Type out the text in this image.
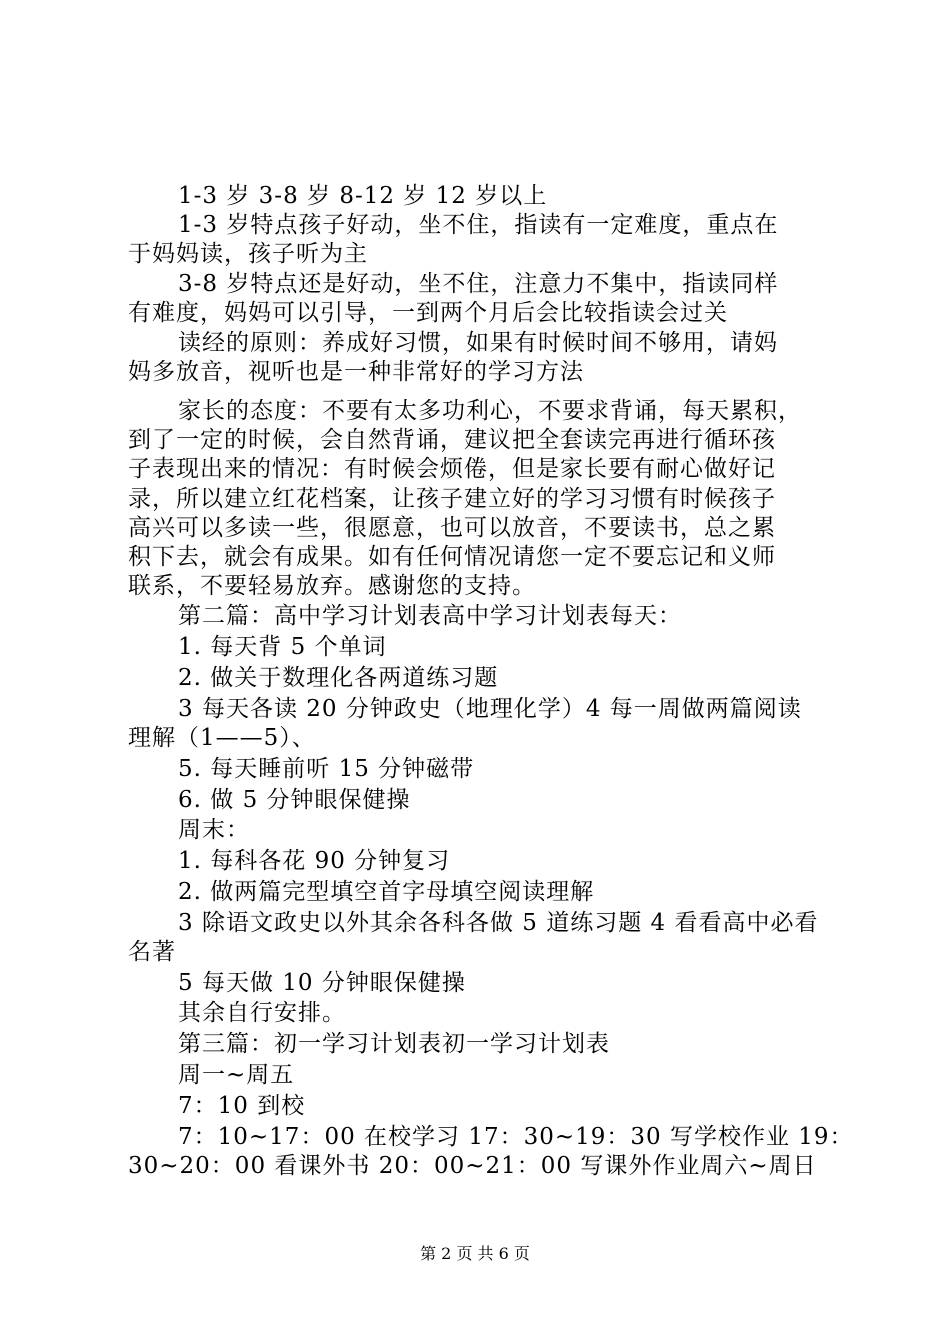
1-3 岁 3-8 岁 8-12 岁 12 岁以上
1-3 岁特点孩子好动，坐不住，指读有一定难度，重点在
于妈妈读，孩子听为主
3-8 岁特点还是好动，坐不住，注意力不集中，指读同样
有难度，妈妈可以引导，一到两个月后会比较指读会过关
读经的原则：养成好习惯，如果有时候时间不够用，请妈
妈多放音，视听也是一种非常好的学习方法
家长的态度：不要有太多功利心，不要求背诵，每天累积，
到了一定的时候，会自然背诵，建议把全套读完再进行循环孩
子表现出来的情况：有时候会烦倦，但是家长要有耐心做好记
录，所以建立红花档案，让孩子建立好的学习习惯有时候孩子
高兴可以多读一些，很愿意，也可以放音，不要读书，总之累
积下去，就会有成果。如有任何情况请您一定不要忘记和义师
联系，不要轻易放弃。感谢您的支持。
第二篇：高中学习计划表高中学习计划表每天：
1. 每天背 5 个单词
2. 做关于数理化各两道练习题
3 每天各读 20 分钟政史（地理化学）4 每一周做两篇阅读
理解（1——5）、
5. 每天睡前听 15 分钟磁带
6. 做 5 分钟眼保健操
周末：
1. 每科各花 90 分钟复习
2. 做两篇完型填空首字母填空阅读理解
3 除语文政史以外其余各科各做 5 道练习题 4 看看高中必看
名著
5 每天做 10 分钟眼保健操
其余自行安排。
第三篇：初一学习计划表初一学习计划表
周一~周五
7：10 到校
7：10~17：00 在校学习 17：30~19：30 写学校作业 19：
30~20：00 看课外书 20：00~21：00 写课外作业周六~周日
第 2 页 共 6 页
